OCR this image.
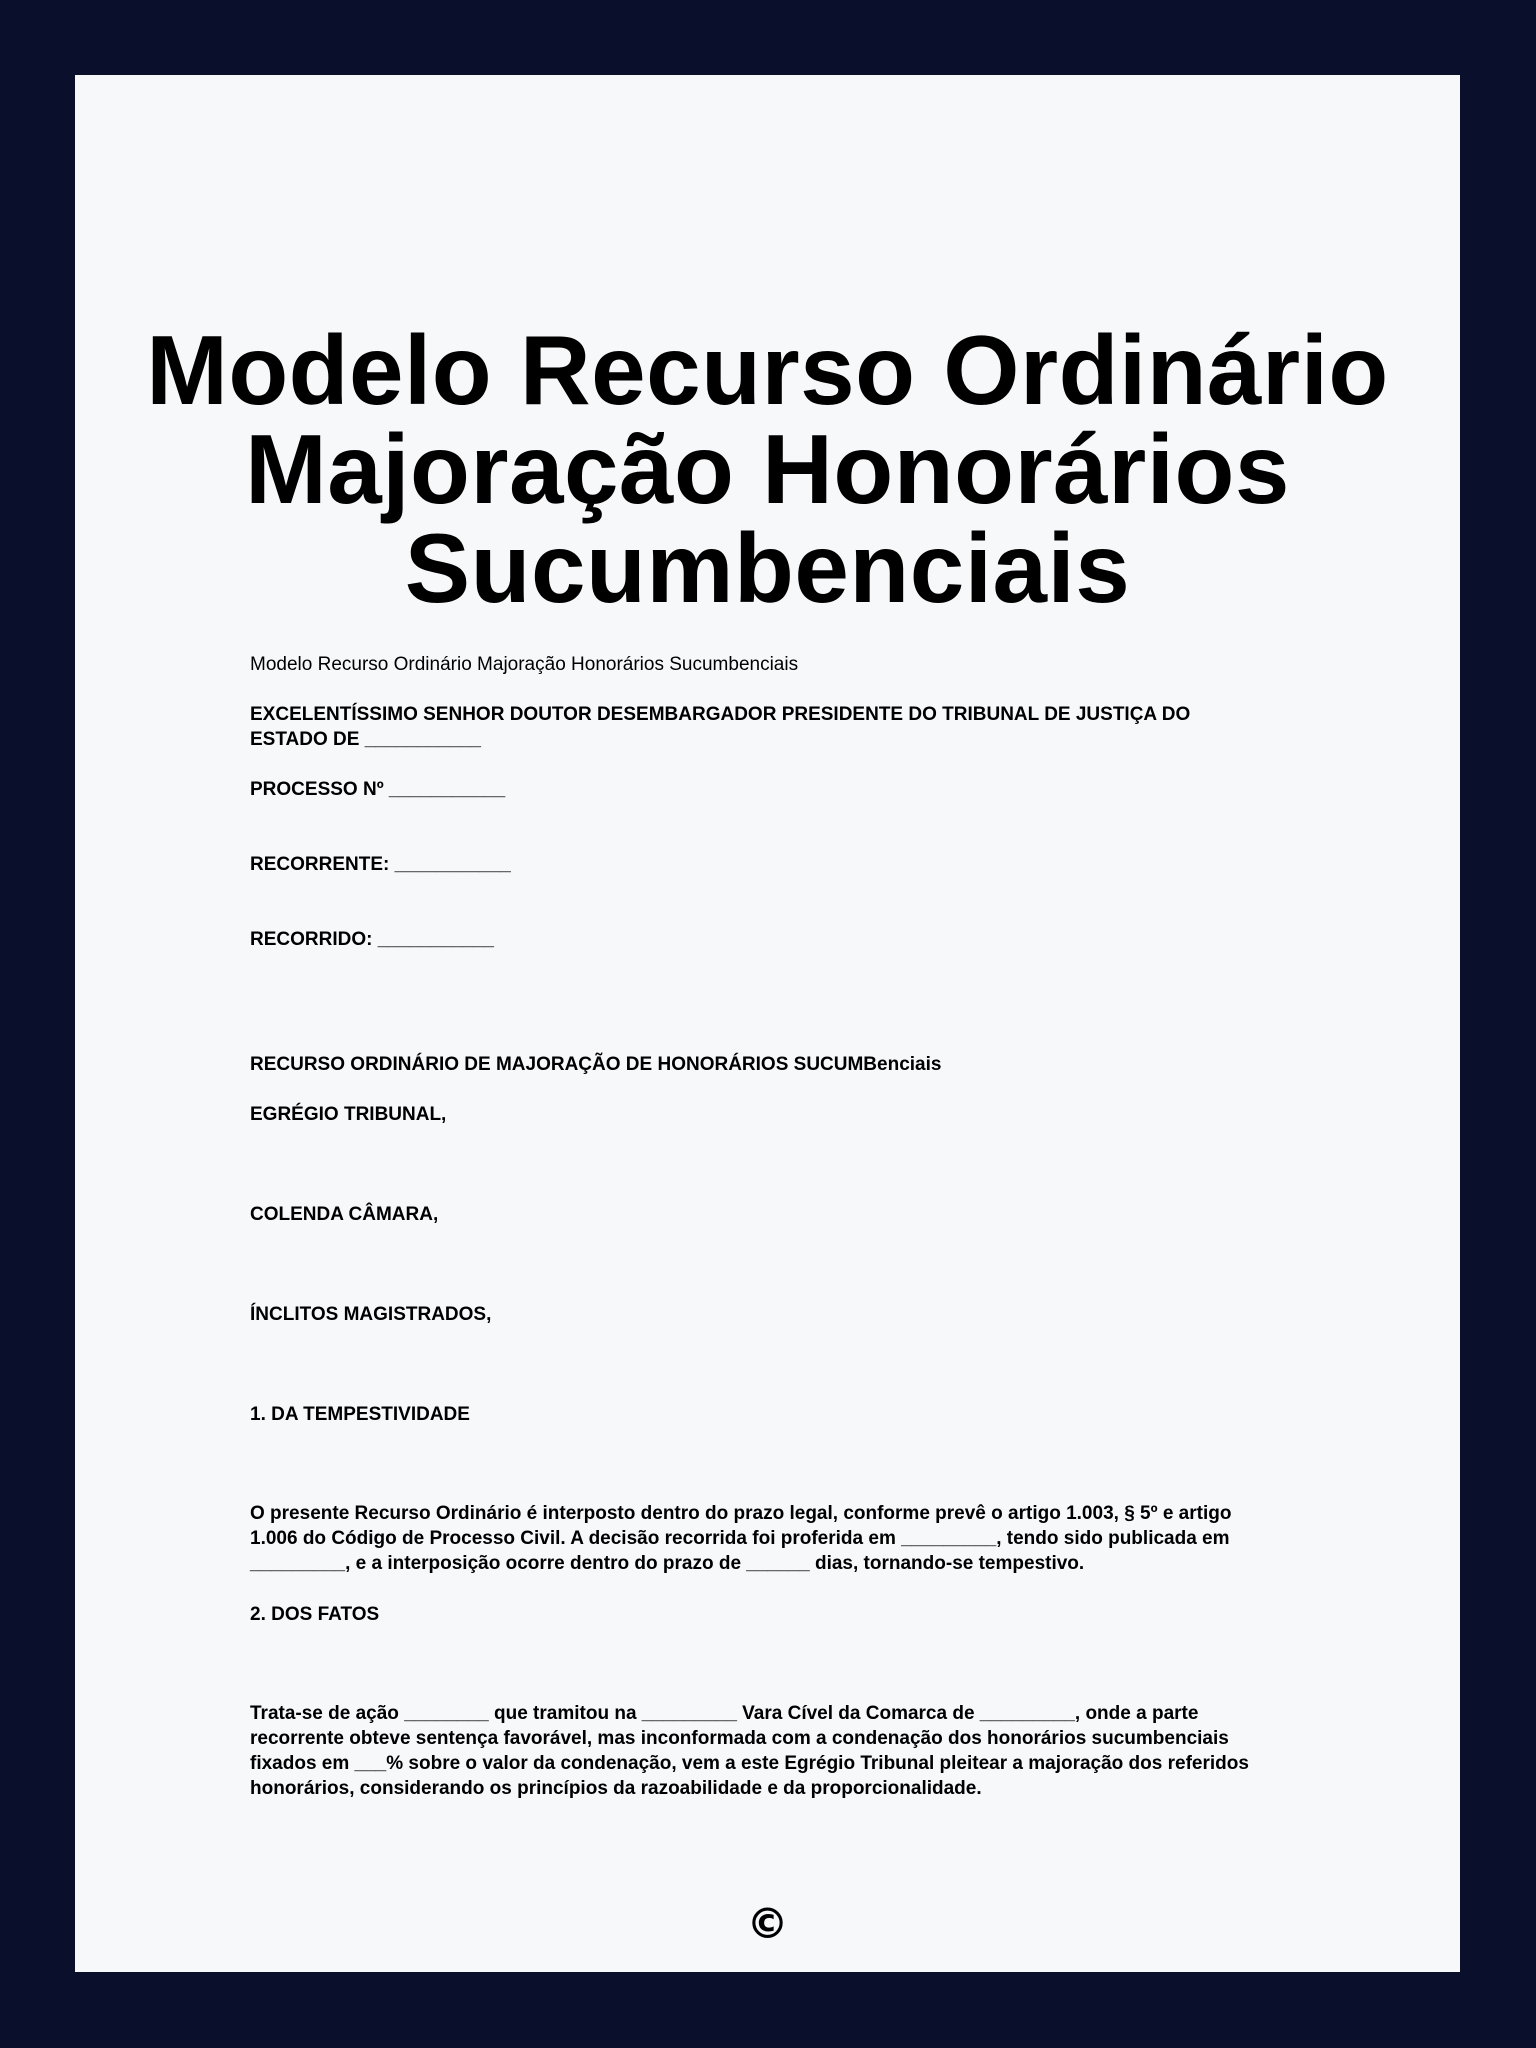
Modelo Recurso Ordinário Majoração Honorários Sucumbenciais
Modelo Recurso Ordinário Majoração Honorários Sucumbenciais
EXCELENTÍSSIMO SENHOR DOUTOR DESEMBARGADOR PRESIDENTE DO TRIBUNAL DE JUSTIÇA DO ESTADO DE ___________
PROCESSO Nº ___________
RECORRENTE: ___________
RECORRIDO: ___________
RECURSO ORDINÁRIO DE MAJORAÇÃO DE HONORÁRIOS SUCUMBenciais
EGRÉGIO TRIBUNAL,
COLENDA CÂMARA,
ÍNCLITOS MAGISTRADOS,
1. DA TEMPESTIVIDADE
O presente Recurso Ordinário é interposto dentro do prazo legal, conforme prevê o artigo 1.003, § 5º e artigo 1.006 do Código de Processo Civil. A decisão recorrida foi proferida em _________, tendo sido publicada em _________, e a interposição ocorre dentro do prazo de ______ dias, tornando-se tempestivo.
2. DOS FATOS
Trata-se de ação ________ que tramitou na _________ Vara Cível da Comarca de _________, onde a parte recorrente obteve sentença favorável, mas inconformada com a condenação dos honorários sucumbenciais fixados em ___% sobre o valor da condenação, vem a este Egrégio Tribunal pleitear a majoração dos referidos honorários, considerando os princípios da razoabilidade e da proporcionalidade.
©
